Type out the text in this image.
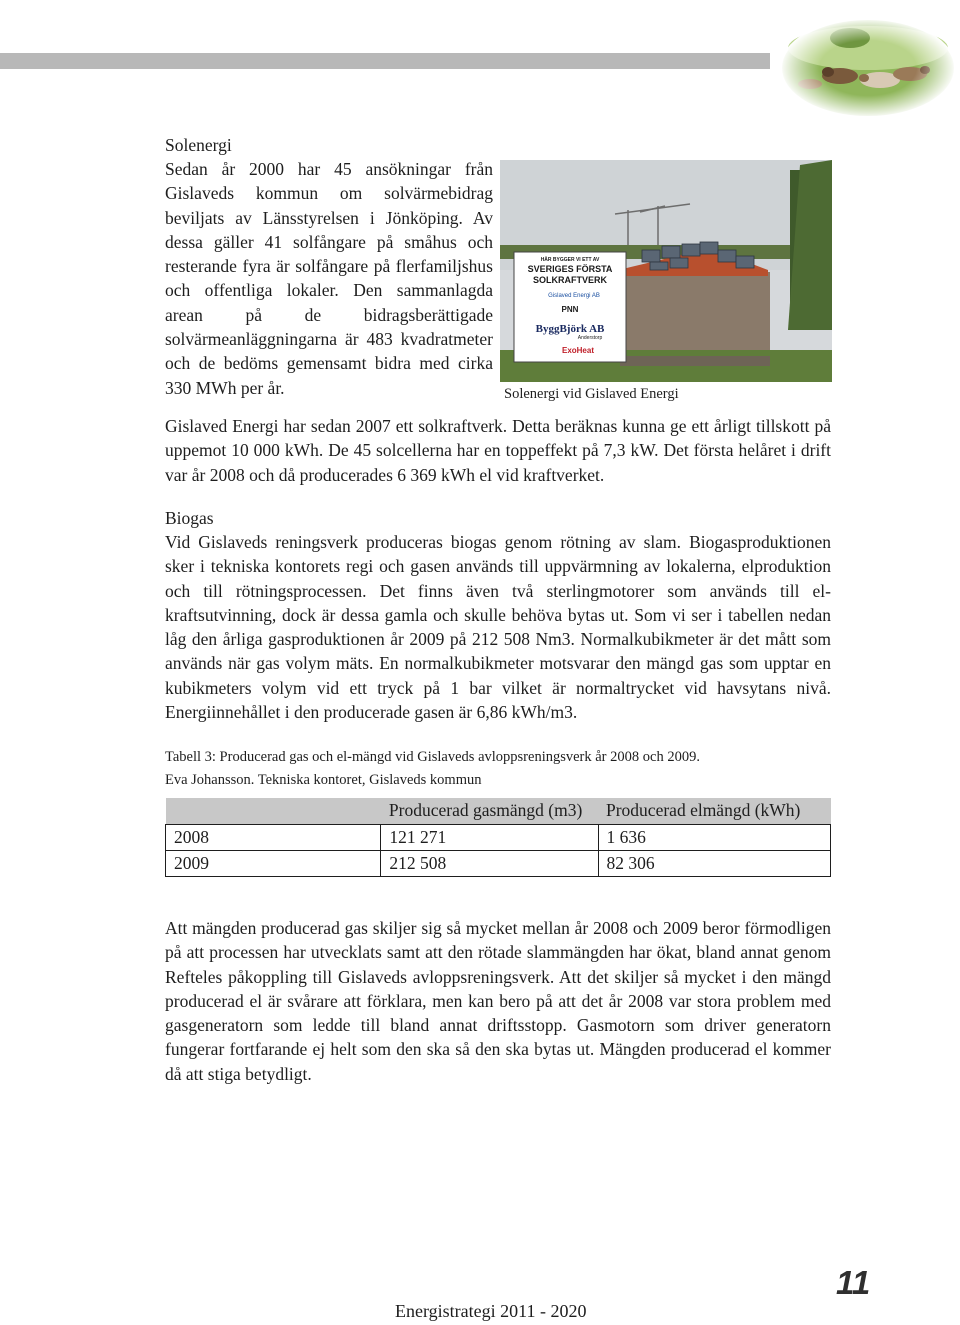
Solenergi
Sedan år 2000 har 45 ansökningar från Gislaveds kommun om solvärmebidrag beviljats av Länsstyrelsen i Jönköping. Av dessa gäller 41 solfångare på småhus och resterande fyra är solfångare på flerfamiljshus och offentliga lokaler. Den sammanlagda arean på de bidragsberättigade solvärmeanläggningarna är 483 kvadratmeter och de bedöms gemensamt bidra med cirka 330 MWh per år.
HÄR BYGGER VI ETT AV
SVERIGES FÖRSTA
SOLKRAFTVERK
Gislaved Energi AB
PNN
ByggBjörk AB
Anderstorp
ExoHeat
Solenergi vid Gislaved Energi
Gislaved Energi har sedan 2007 ett solkraftverk. Detta beräknas kunna ge ett årligt tillskott på uppemot 10 000 kWh. De 45 solcellerna har en toppeffekt på 7,3 kW. Det första helåret i drift var år 2008 och då producerades 6 369 kWh el vid kraftverket.
Biogas
Vid Gislaveds reningsverk produceras biogas genom rötning av slam. Biogasproduktionen sker i tekniska kontorets regi och gasen används till uppvärmning av lokalerna, elproduktion och till rötningsprocessen. Det finns även två sterlingmotorer som används till el-kraftsutvinning, dock är dessa gamla och skulle behöva bytas ut. Som vi ser i tabellen nedan låg den årliga gasproduktionen år 2009 på 212 508 Nm3. Normalkubikmeter är det mått som används när gas volym mäts. En normalkubikmeter motsvarar den mängd gas som upptar en kubikmeters volym vid ett tryck på 1 bar vilket är normaltrycket vid havsytans nivå. Energiinnehållet i den producerade gasen är 6,86 kWh/m3.
Tabell 3: Producerad gas och el-mängd vid Gislaveds avloppsreningsverk år 2008 och 2009.
Eva Johansson. Tekniska kontoret, Gislaveds kommun
	Producerad gasmängd (m3)	Producerad elmängd (kWh)
2008	121 271	1 636
2009	212 508	82 306
Att mängden producerad gas skiljer sig så mycket mellan år 2008 och 2009 beror förmodligen på att processen har utvecklats samt att den rötade slammängden har ökat, bland annat genom Refteles påkoppling till Gislaveds avloppsreningsverk. Att det skiljer så mycket i den mängd producerad el är svårare att förklara, men kan bero på att det år 2008 var stora problem med gasgeneratorn som ledde till bland annat driftsstopp. Gasmotorn som driver generatorn fungerar fortfarande ej helt som den ska så den ska bytas ut. Mängden producerad el kommer då att stiga betydligt.
Energistrategi 2011 - 2020
11
